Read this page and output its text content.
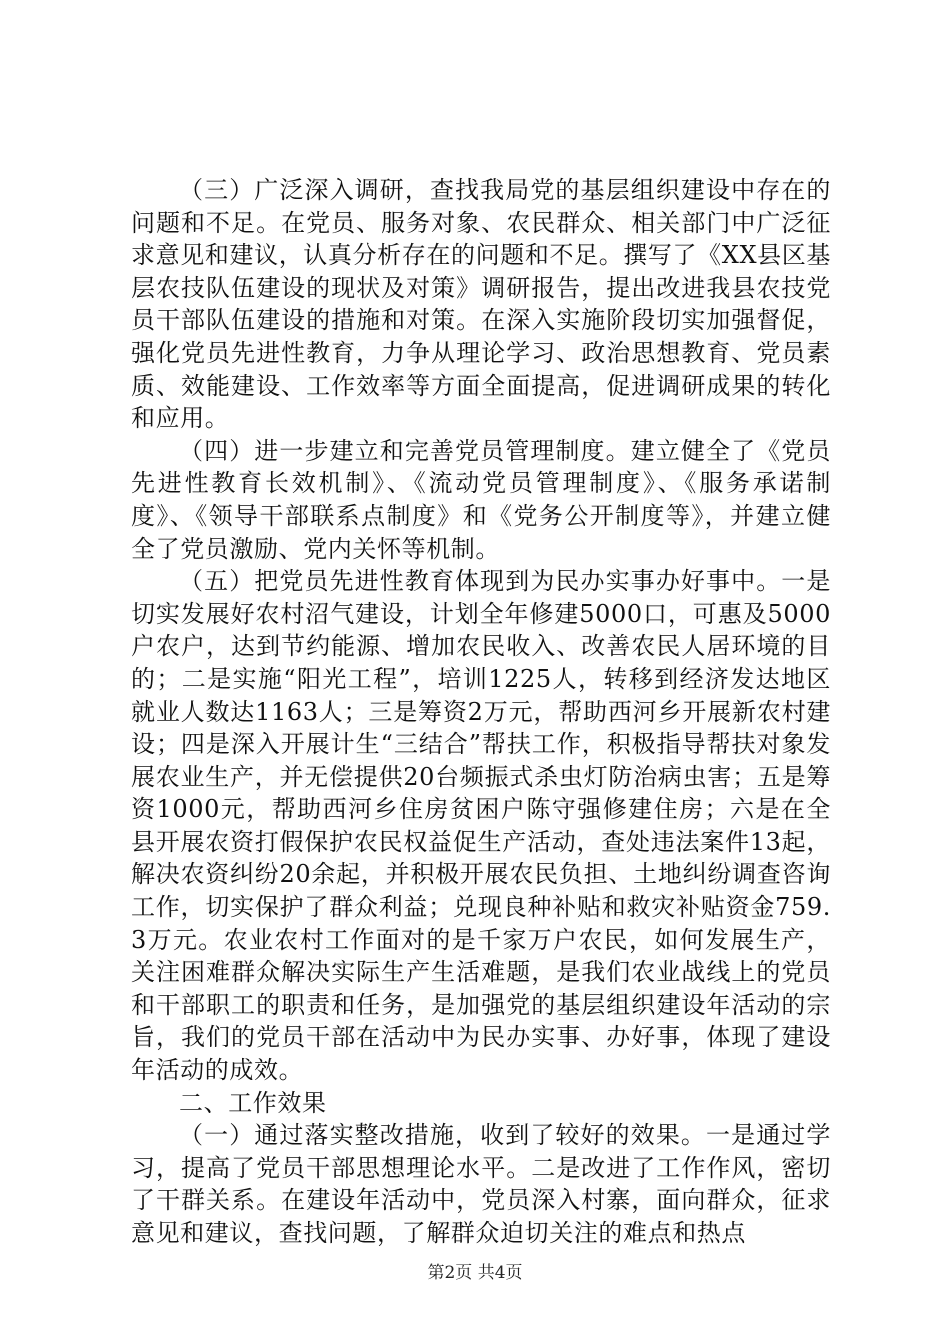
（三）广泛深入调研，查找我局党的基层组织建设中存在的问题和不足。在党员、服务对象、农民群众、相关部门中广泛征求意见和建议，认真分析存在的问题和不足。撰写了《XX县区基层农技队伍建设的现状及对策》调研报告，提出改进我县农技党员干部队伍建设的措施和对策。在深入实施阶段切实加强督促，强化党员先进性教育，力争从理论学习、政治思想教育、党员素质、效能建设、工作效率等方面全面提高，促进调研成果的转化和应用。

（四）进一步建立和完善党员管理制度。建立健全了《党员先进性教育长效机制》、《流动党员管理制度》、《服务承诺制度》、《领导干部联系点制度》和《党务公开制度等》，并建立健全了党员激励、党内关怀等机制。

（五）把党员先进性教育体现到为民办实事办好事中。一是切实发展好农村沼气建设，计划全年修建5000口，可惠及5000户农户，达到节约能源、增加农民收入、改善农民人居环境的目的；二是实施“阳光工程”，培训1225人，转移到经济发达地区就业人数达1163人；三是筹资2万元，帮助西河乡开展新农村建设；四是深入开展计生“三结合”帮扶工作，积极指导帮扶对象发展农业生产，并无偿提供20台频振式杀虫灯防治病虫害；五是筹资1000元，帮助西河乡住房贫困户陈守强修建住房；六是在全县开展农资打假保护农民权益促生产活动，查处违法案件13起，解决农资纠纷20余起，并积极开展农民负担、土地纠纷调查咨询工作，切实保护了群众利益；兑现良种补贴和救灾补贴资金759.3万元。农业农村工作面对的是千家万户农民，如何发展生产，关注困难群众解决实际生产生活难题，是我们农业战线上的党员和干部职工的职责和任务，是加强党的基层组织建设年活动的宗旨，我们的党员干部在活动中为民办实事、办好事，体现了建设年活动的成效。

二、工作效果

（一）通过落实整改措施，收到了较好的效果。一是通过学习，提高了党员干部思想理论水平。二是改进了工作作风，密切了干群关系。在建设年活动中，党员深入村寨，面向群众，征求意见和建议，查找问题，了解群众迫切关注的难点和热点

第2页 共4页
